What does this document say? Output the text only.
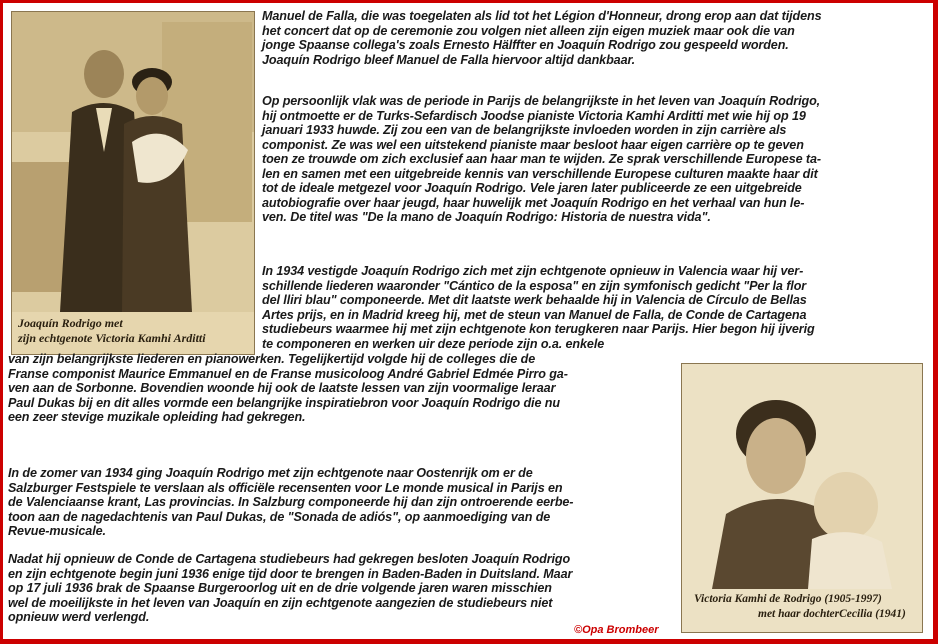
Joaquín Rodrigo met
zijn echtgenote Victoria Kamhi Arditti
Victoria Kamhi de Rodrigo (1905-1997)
met haar dochterCecilia (1941)
Manuel de Falla, die was toegelaten als lid tot het Légion d'Honneur, drong erop aan dat tijdens
het concert dat op de ceremonie zou volgen niet alleen zijn eigen muziek maar ook die van
jonge Spaanse collega's zoals Ernesto Hälffter en Joaquín Rodrigo zou gespeeld worden.
Joaquín Rodrigo bleef Manuel de Falla hiervoor altijd dankbaar.
Op persoonlijk vlak was de periode in Parijs de belangrijkste in het leven van Joaquín Rodrigo,
hij ontmoette er de Turks-Sefardisch Joodse pianiste Victoria Kamhi Arditti met wie hij op 19
januari 1933 huwde. Zij zou een van de belangrijkste invloeden worden in zijn carrière als
componist. Ze was wel een uitstekend pianiste maar besloot haar eigen carrière op te geven
toen ze trouwde om zich exclusief aan haar man te wijden. Ze sprak verschillende Europese ta-
len en samen met een uitgebreide kennis van verschillende Europese culturen maakte haar dit
tot de ideale metgezel voor Joaquín Rodrigo. Vele jaren later publiceerde ze een uitgebreide
autobiografie over haar jeugd, haar huwelijk met Joaquín Rodrigo en het verhaal van hun le-
ven. De titel was "De la mano de Joaquín Rodrigo: Historia de nuestra vida".
In 1934 vestigde Joaquín Rodrigo zich met zijn echtgenote opnieuw in Valencia waar hij ver-
schillende liederen waaronder "Cántico de la esposa" en zijn symfonisch gedicht "Per la flor
del lliri blau" componeerde. Met dit laatste werk behaalde hij in Valencia de Círculo de Bellas
Artes prijs, en in Madrid kreeg hij, met de steun van Manuel de Falla, de Conde de Cartagena
studiebeurs waarmee hij met zijn echtgenote kon terugkeren naar Parijs. Hier begon hij ijverig
te componeren en werken uir deze periode zijn o.a. enkele
van zijn belangrijkste liederen en pianowerken. Tegelijkertijd volgde hij de colleges die de
Franse componist Maurice Emmanuel en de Franse musicoloog André Gabriel Edmée Pirro ga-
ven aan de Sorbonne. Bovendien woonde hij ook de laatste lessen van zijn voormalige leraar
Paul Dukas bij en dit alles vormde een belangrijke inspiratiebron voor Joaquín Rodrigo die nu
een zeer stevige muzikale opleiding had gekregen.
In de zomer van 1934 ging Joaquín Rodrigo met zijn echtgenote naar Oostenrijk om er de
Salzburger Festspiele te verslaan als officiële recensenten voor Le monde musical in Parijs en
de Valenciaanse krant, Las provincias. In Salzburg componeerde hij dan zijn ontroerende eerbe-
toon aan de nagedachtenis van Paul Dukas, de "Sonada de adiós", op aanmoediging van de
Revue-musicale.
Nadat hij opnieuw de Conde de Cartagena studiebeurs had gekregen besloten Joaquín Rodrigo
en zijn echtgenote begin juni 1936 enige tijd door te brengen in Baden-Baden in Duitsland. Maar
op 17 juli 1936 brak de Spaanse Burgeroorlog uit en de drie volgende jaren waren misschien
wel de moeilijkste in het leven van Joaquín en zijn echtgenote aangezien de studiebeurs niet
opnieuw werd verlengd.
©Opa Brombeer
